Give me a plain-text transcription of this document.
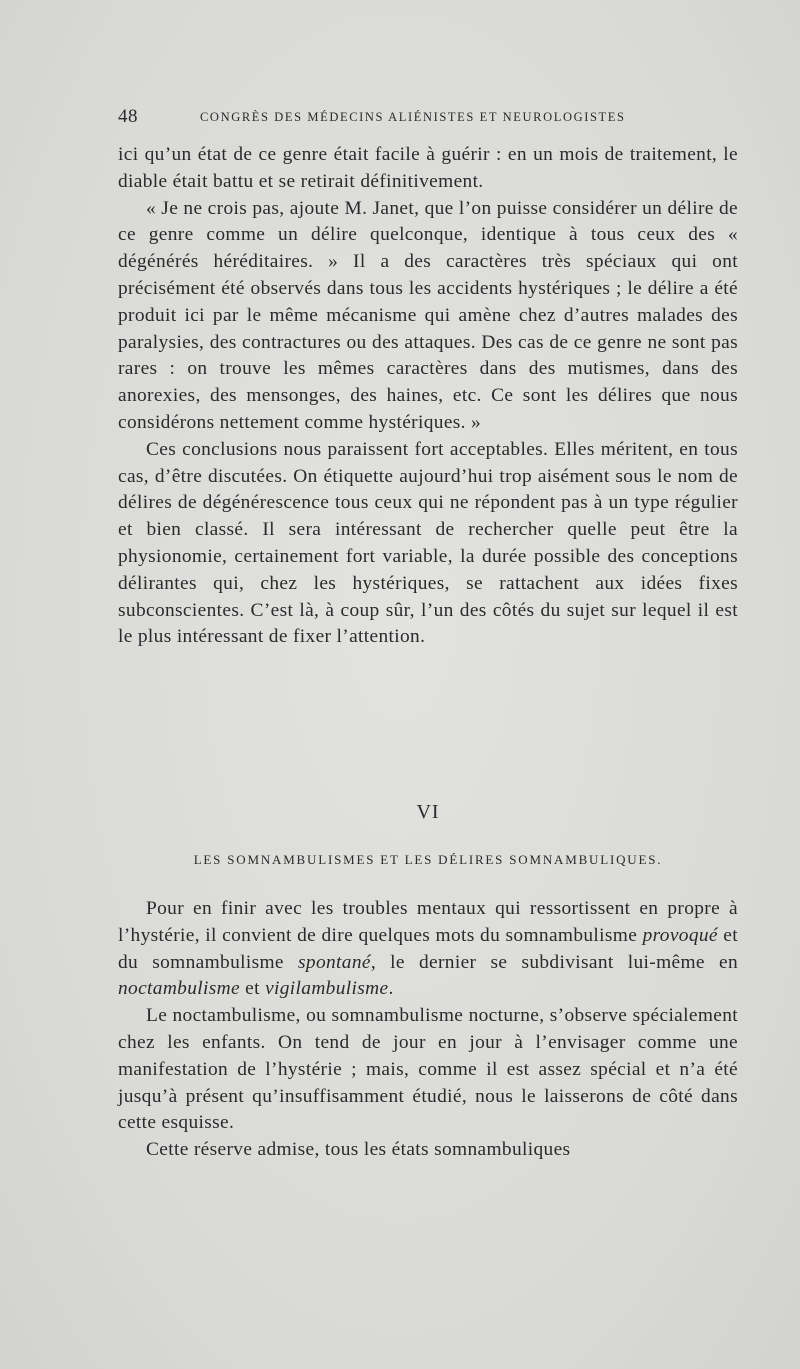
48	CONGRÈS DES MÉDECINS ALIÉNISTES ET NEUROLOGISTES

ici qu’un état de ce genre était facile à guérir : en un mois de traitement, le diable était battu et se retirait définitivement.

« Je ne crois pas, ajoute M. Janet, que l’on puisse considérer un délire de ce genre comme un délire quelconque, identique à tous ceux des « dégénérés héréditaires. » Il a des caractères très spéciaux qui ont précisément été observés dans tous les accidents hystériques ; le délire a été produit ici par le même mécanisme qui amène chez d’autres malades des paralysies, des contractures ou des attaques. Des cas de ce genre ne sont pas rares : on trouve les mêmes caractères dans des mutismes, dans des anorexies, des mensonges, des haines, etc. Ce sont les délires que nous considérons nettement comme hystériques. »

Ces conclusions nous paraissent fort acceptables. Elles méritent, en tous cas, d’être discutées. On étiquette aujourd’hui trop aisément sous le nom de délires de dégénérescence tous ceux qui ne répondent pas à un type régulier et bien classé. Il sera intéressant de rechercher quelle peut être la physionomie, certainement fort variable, la durée possible des conceptions délirantes qui, chez les hystériques, se rattachent aux idées fixes subconscientes. C’est là, à coup sûr, l’un des côtés du sujet sur lequel il est le plus intéressant de fixer l’attention.

VI
LES SOMNAMBULISMES ET LES DÉLIRES SOMNAMBULIQUES.

Pour en finir avec les troubles mentaux qui ressortissent en propre à l’hystérie, il convient de dire quelques mots du somnambulisme provoqué et du somnambulisme spontané, le dernier se subdivisant lui-même en noctambulisme et vigilambulisme.

Le noctambulisme, ou somnambulisme nocturne, s’observe spécialement chez les enfants. On tend de jour en jour à l’envisager comme une manifestation de l’hystérie ; mais, comme il est assez spécial et n’a été jusqu’à présent qu’insuffisamment étudié, nous le laisserons de côté dans cette esquisse.

Cette réserve admise, tous les états somnambuliques
